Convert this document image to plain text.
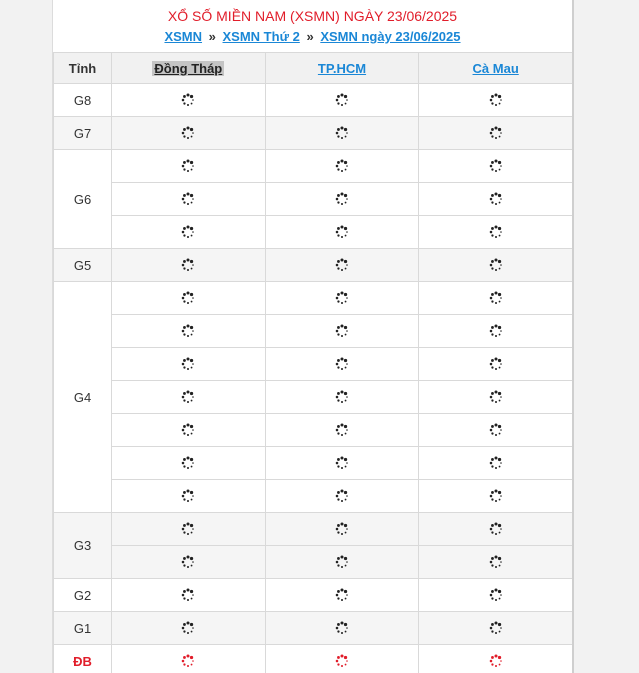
XỔ SỐ MIỀN NAM (XSMN) NGÀY 23/06/2025
XSMN » XSMN Thứ 2 » XSMN ngày 23/06/2025
Tỉnh	Đồng Tháp	TP.HCM	Cà Mau
G8			
G7			
G6			

G5			
G4			

G3			

G2			
G1			
ĐB			
